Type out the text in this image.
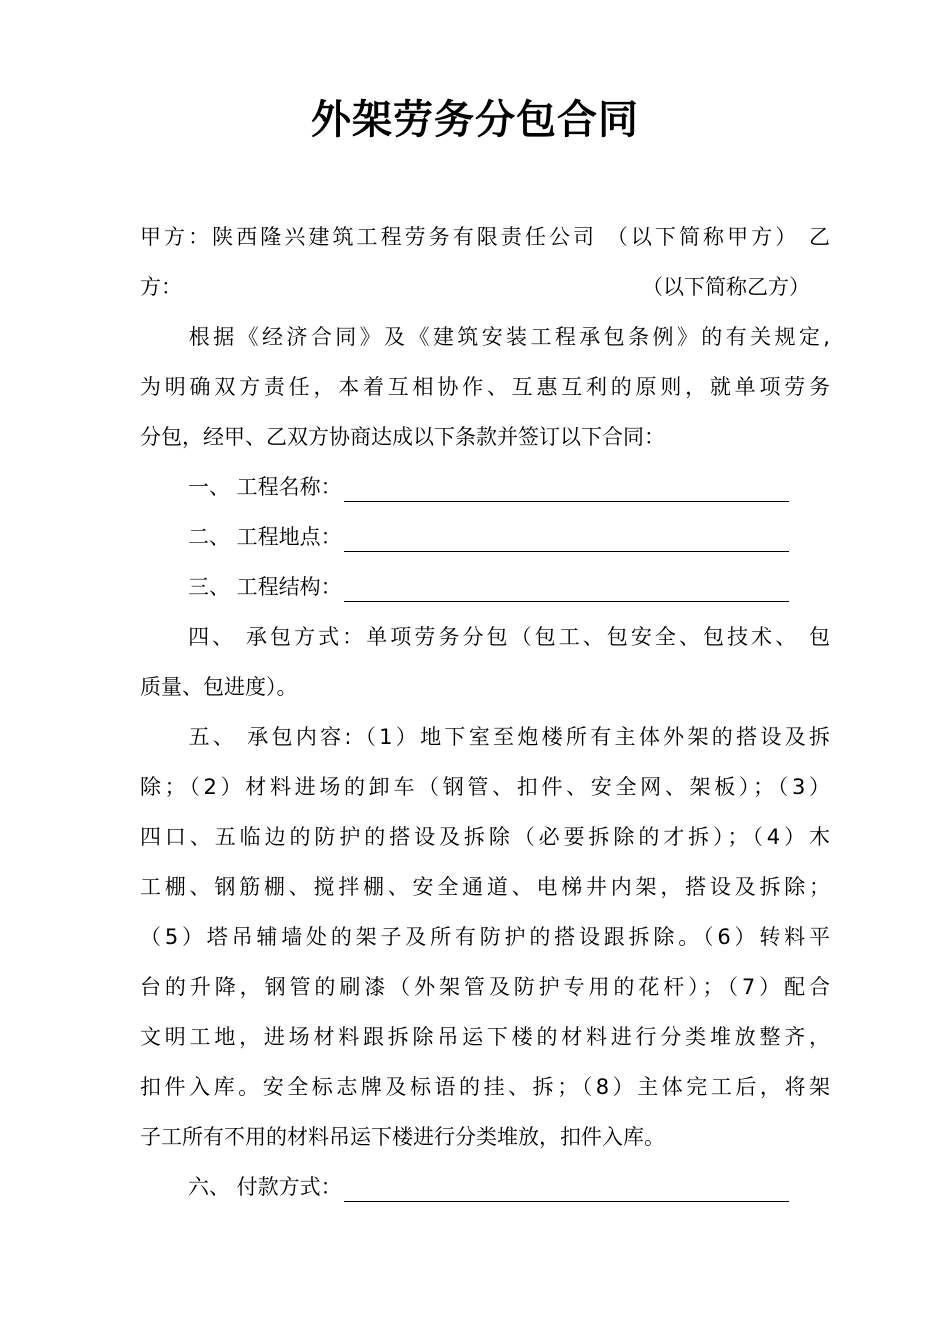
外架劳务分包合同
甲方：陕西隆兴建筑工程劳务有限责任公司 （以下简称甲方） 乙
方：	（以下简称乙方）
　　根据《经济合同》及《建筑安装工程承包条例》的有关规定,
为明确双方责任，本着互相协作、互惠互利的原则，就单项劳务
分包，经甲、乙双方协商达成以下条款并签订以下合同：
一、 工程名称：
二、 工程地点：
三、 工程结构：
　　四、 承包方式：单项劳务分包（包工、包安全、包技术、 包
质量、包进度）。
　　五、 承包内容:（1）地下室至炮楼所有主体外架的搭设及拆
除；（2）材料进场的卸车（钢管、扣件、安全网、架板）；（3）
四口、五临边的防护的搭设及拆除（必要拆除的才拆）；（4）木
工棚、钢筋棚、搅拌棚、安全通道、电梯井内架，搭设及拆除；
（5）塔吊辅墙处的架子及所有防护的搭设跟拆除。（6）转料平
台的升降，钢管的刷漆（外架管及防护专用的花杆）；（7）配合
文明工地，进场材料跟拆除吊运下楼的材料进行分类堆放整齐，
扣件入库。安全标志牌及标语的挂、拆；（8）主体完工后，将架
子工所有不用的材料吊运下楼进行分类堆放，扣件入库。
六、 付款方式：
